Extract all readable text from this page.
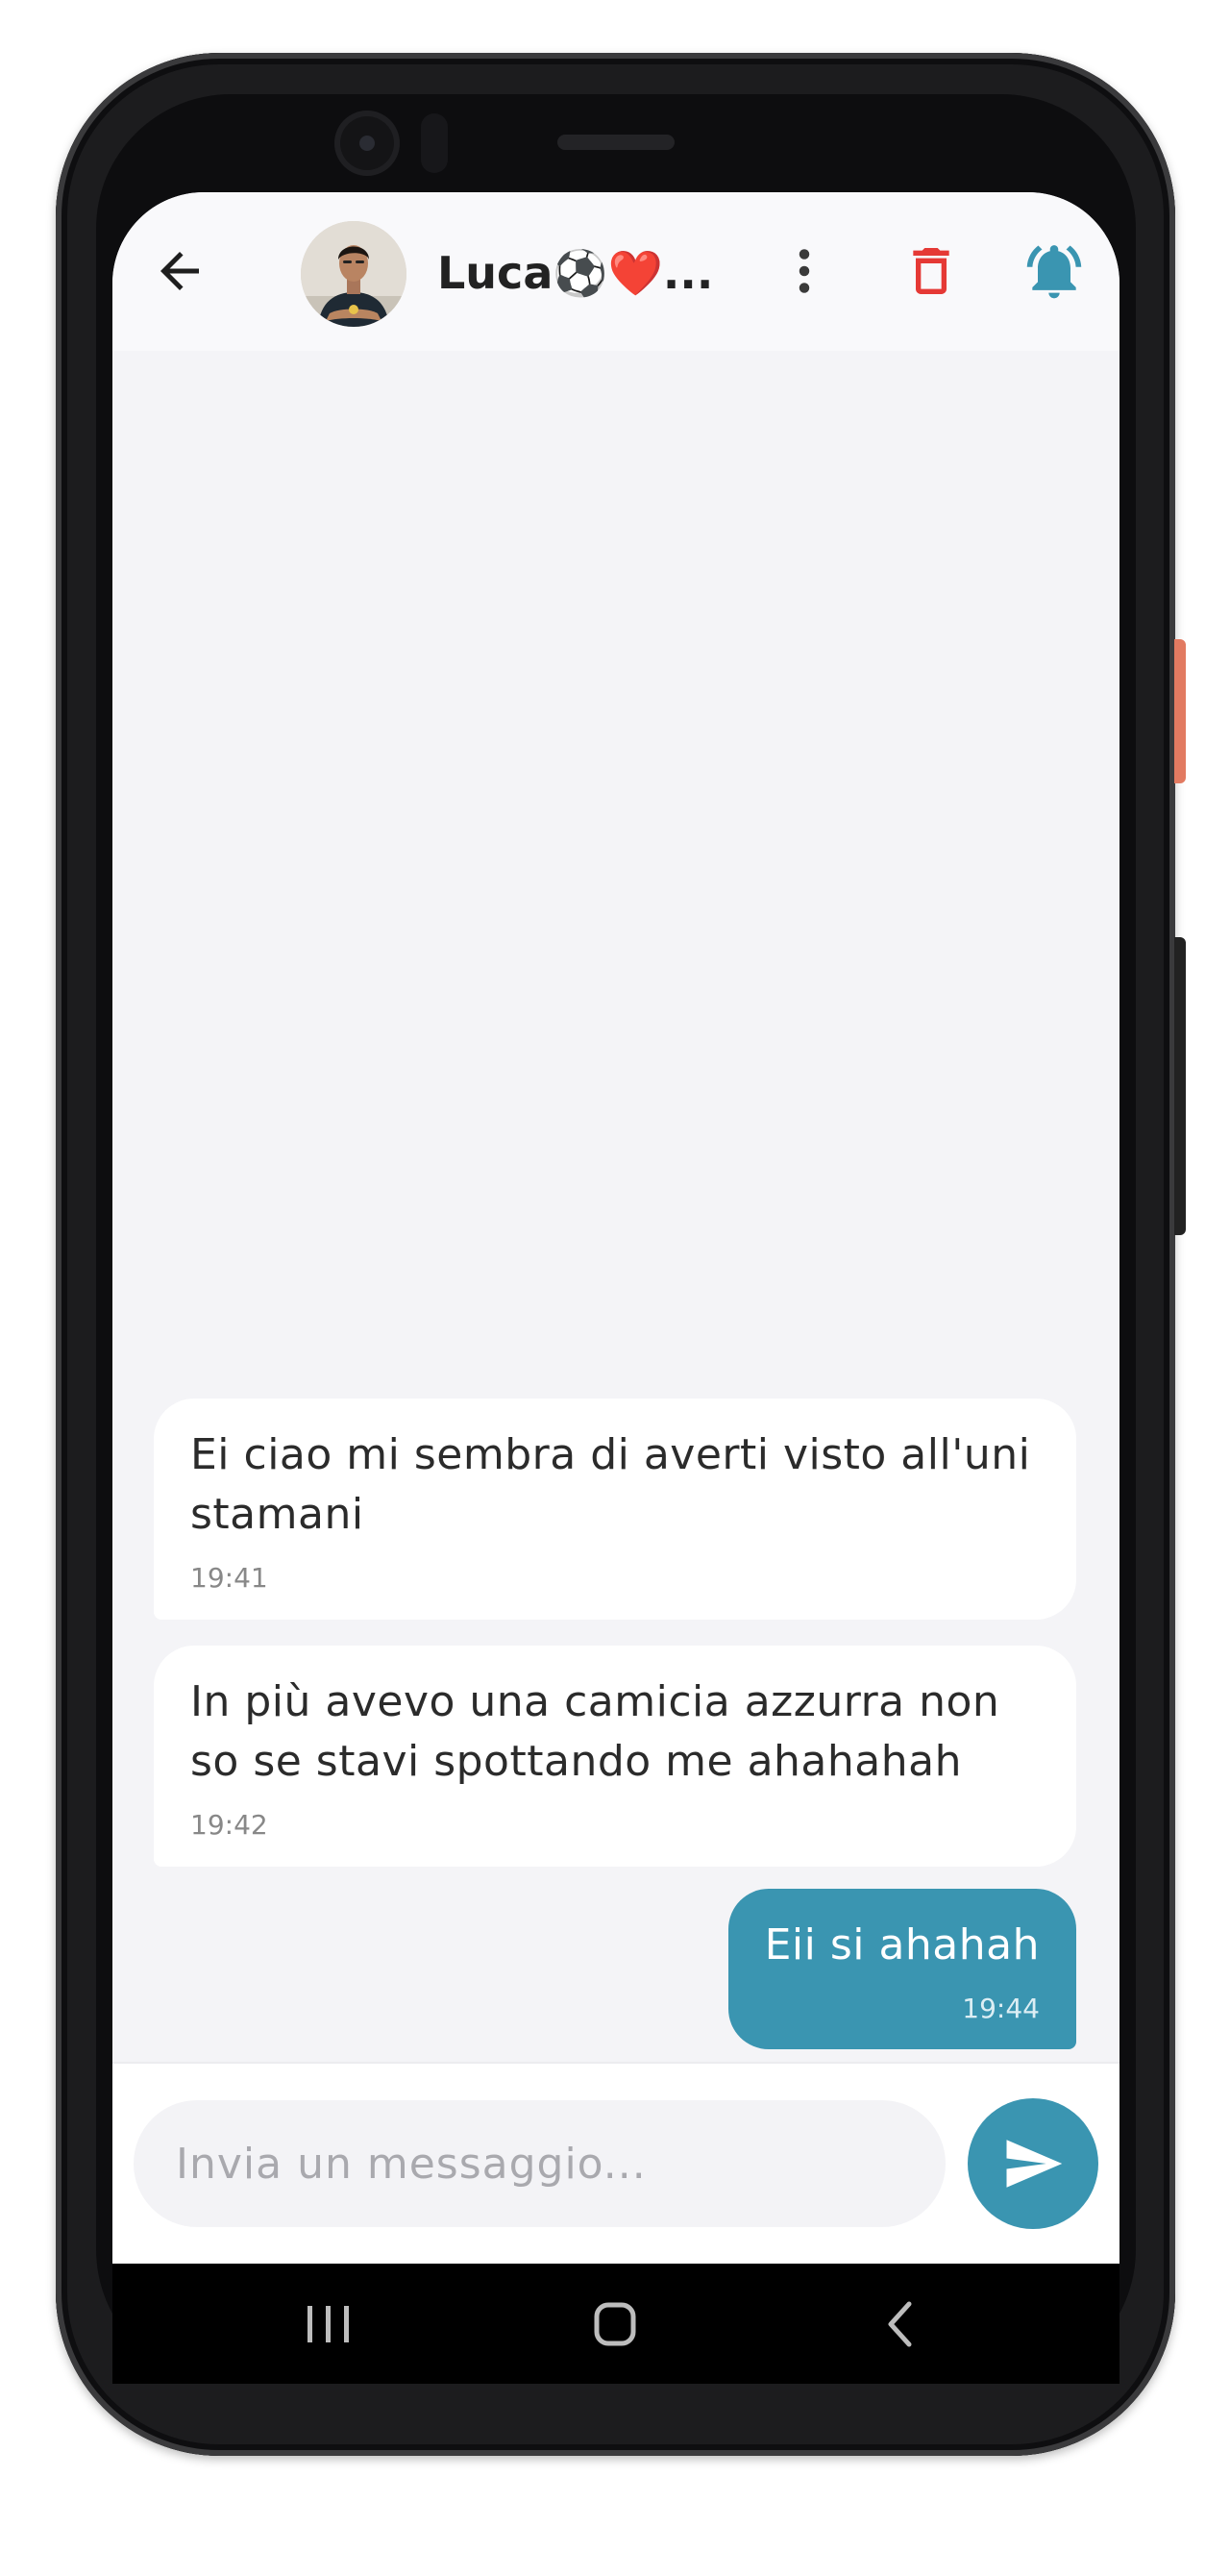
Luca⚽❤️...
Ei ciao mi sembra di averti visto all'uni stamani
19:41
In più avevo una camicia azzurra non so se stavi spottando me ahahahah
19:42
Eii si ahahah
19:44
Invia un messaggio...
